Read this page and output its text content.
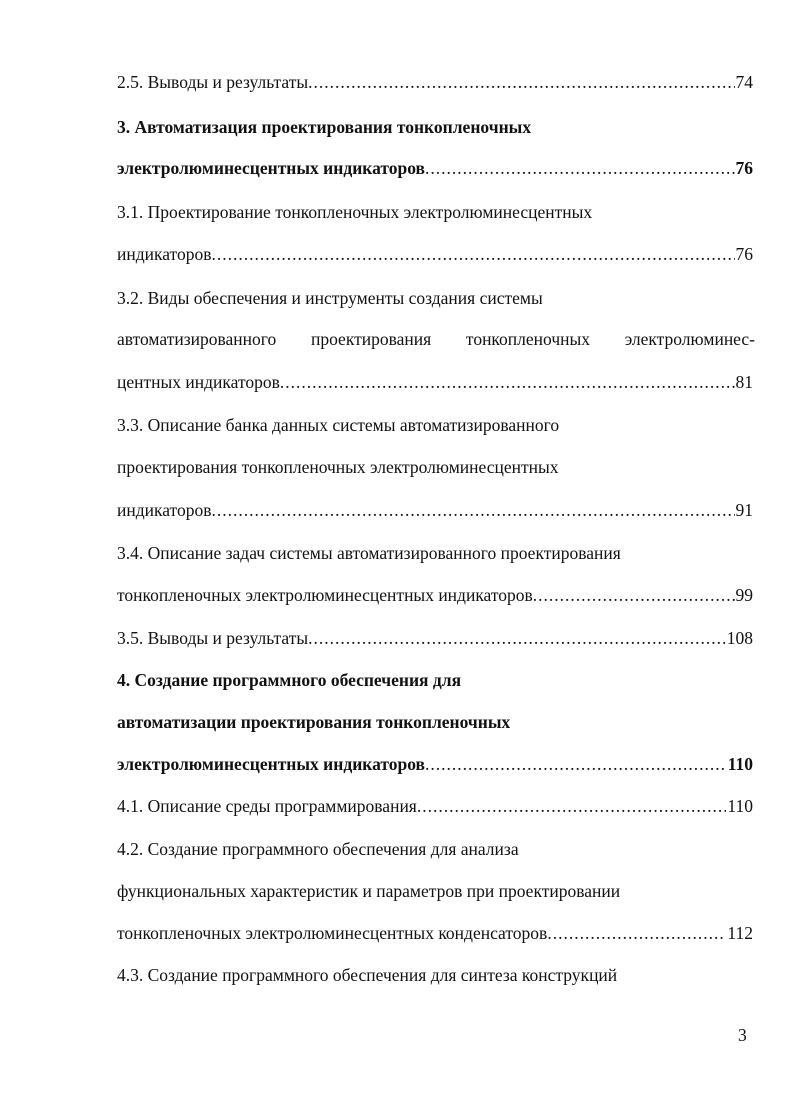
2.5. Выводы и результаты .....	74
3. Автоматизация проектирования тонкопленочных
электролюминесцентных индикаторов .....	76
3.1. Проектирование тонкопленочных электролюминесцентных
индикаторов .....	76
3.2. Виды обеспечения и инструменты создания системы
автоматизированного проектирования тонкопленочных электролюминес-
центных индикаторов .....	81
3.3. Описание банка данных системы автоматизированного
проектирования тонкопленочных электролюминесцентных
индикаторов .....	91
3.4. Описание задач системы автоматизированного проектирования
тонкопленочных электролюминесцентных индикаторов .....	99
3.5. Выводы и результаты .....	108
4. Создание программного обеспечения для
автоматизации проектирования тонкопленочных
электролюминесцентных индикаторов .....	110
4.1. Описание среды программирования .....	110
4.2. Создание программного обеспечения для анализа
функциональных характеристик и параметров при проектировании
тонкопленочных электролюминесцентных конденсаторов .....	112
4.3. Создание программного обеспечения для синтеза конструкций
3
